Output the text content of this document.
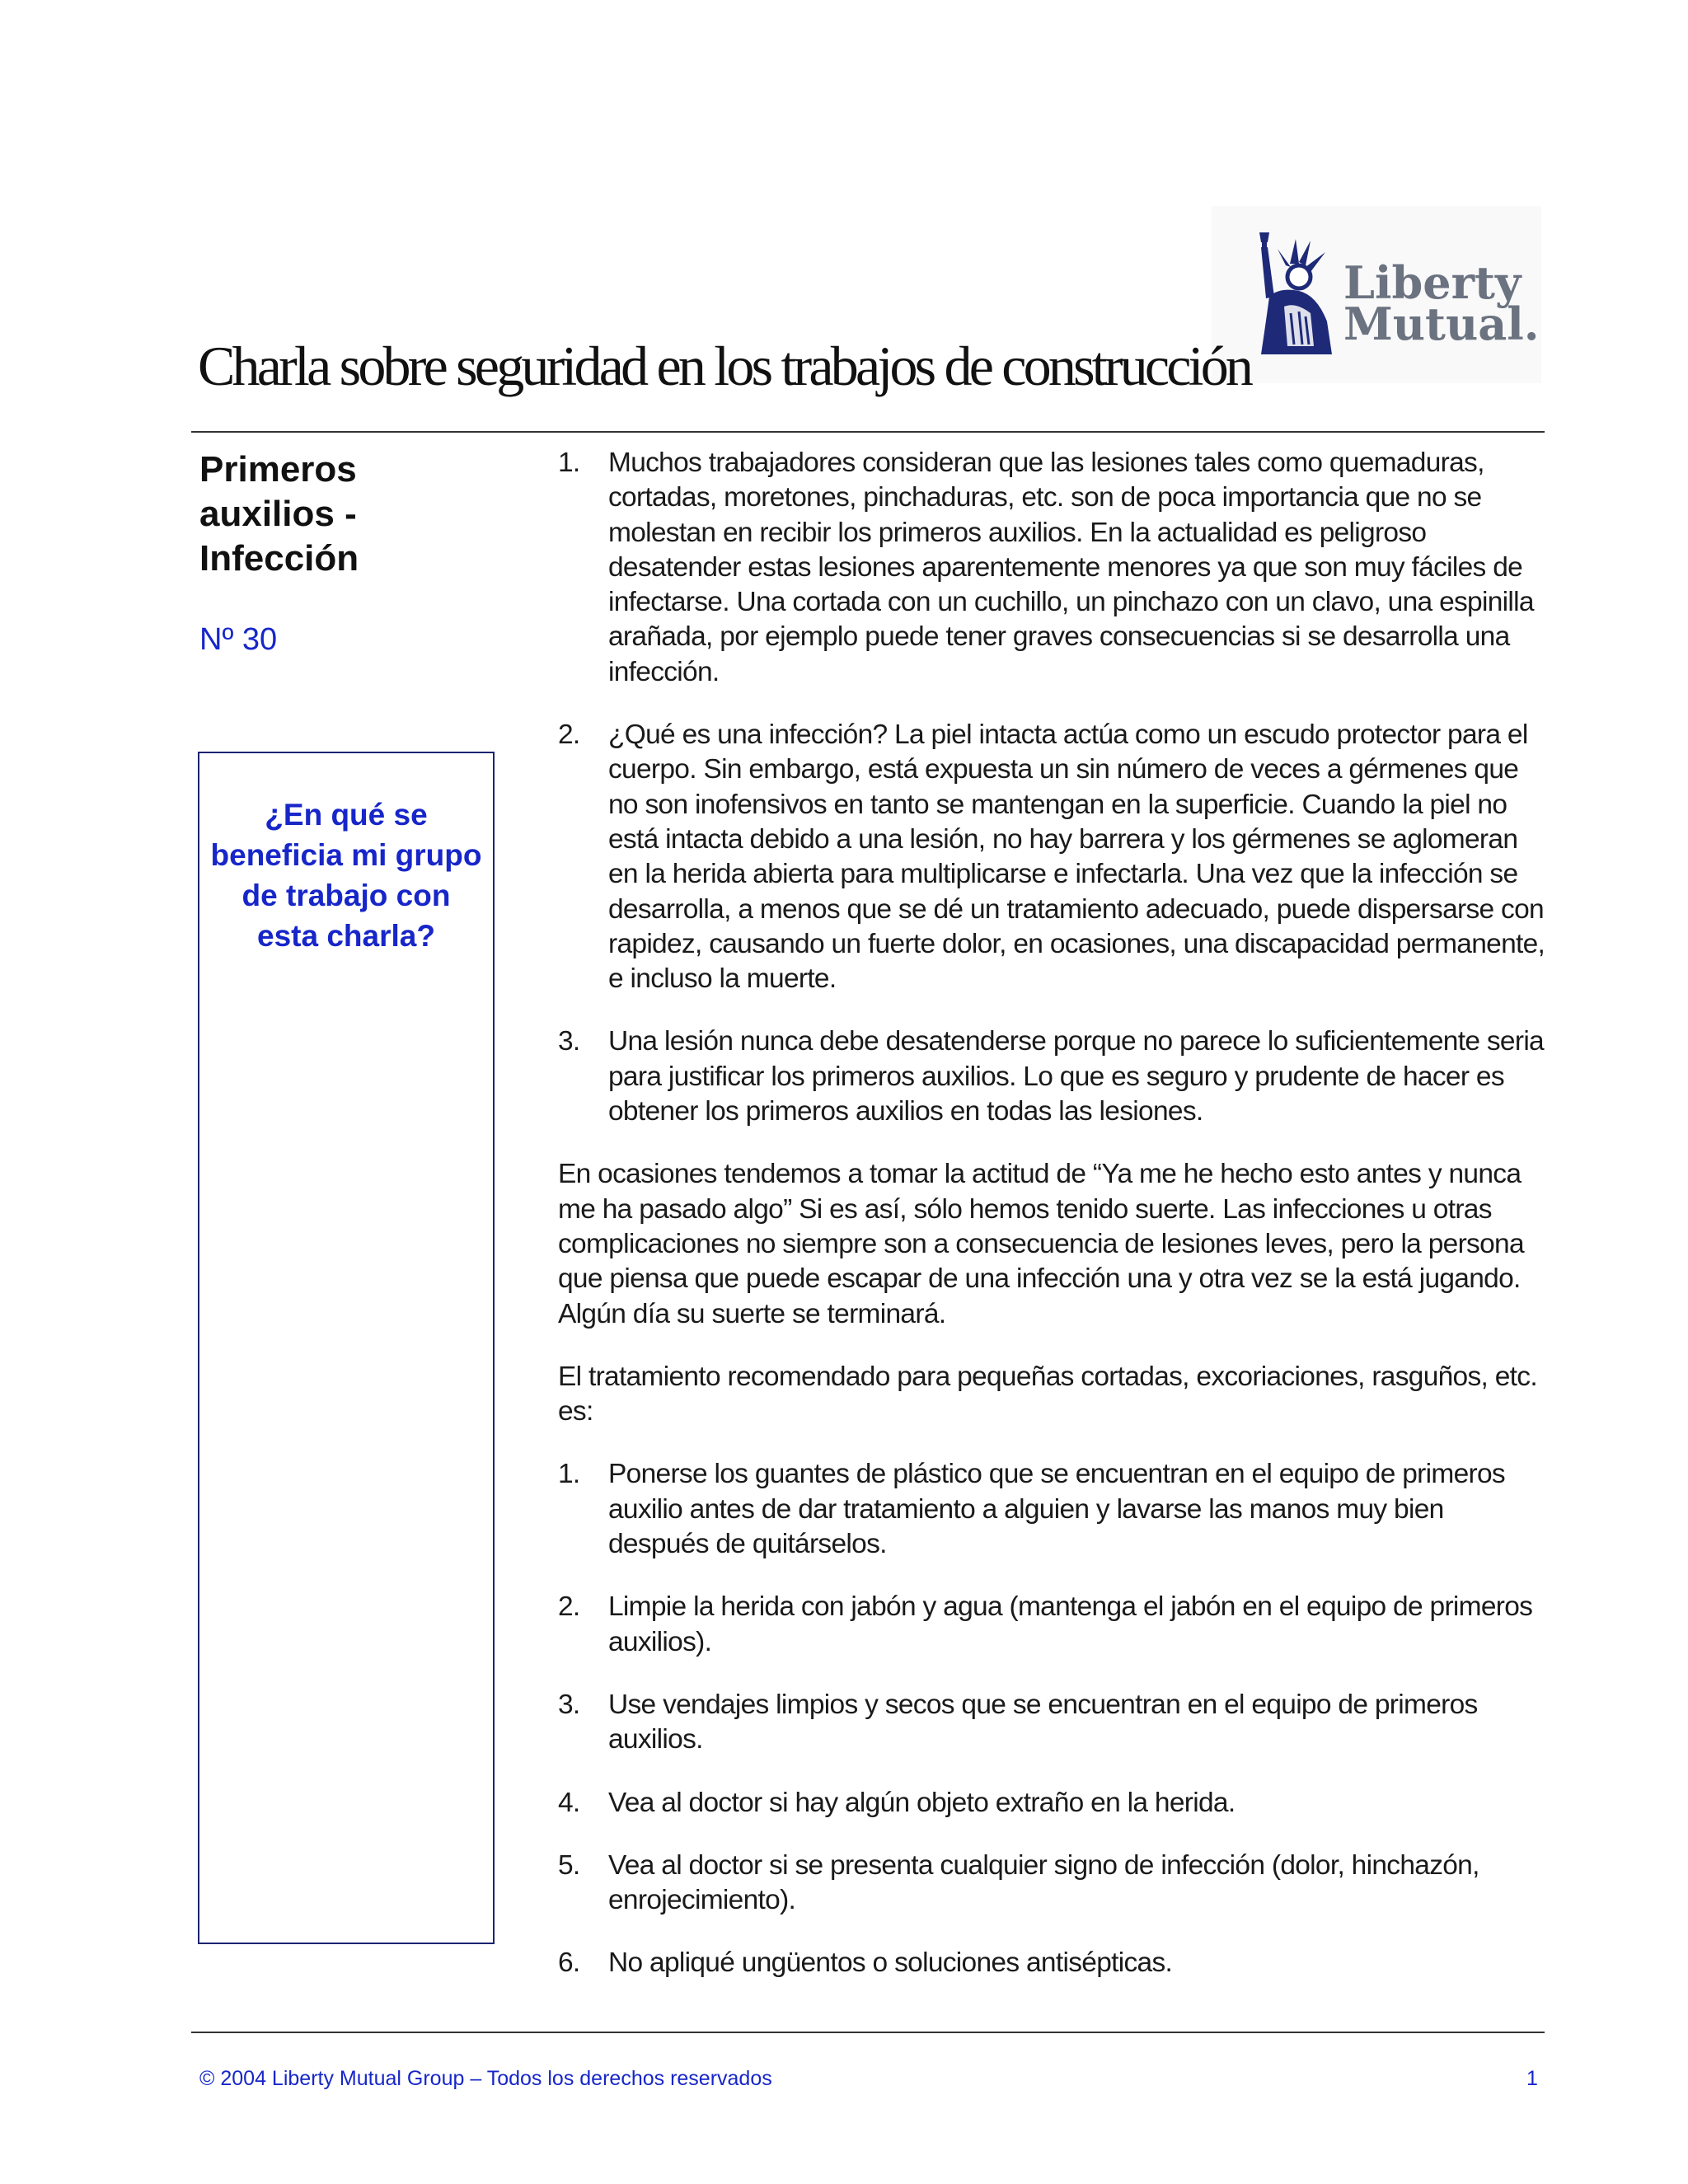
Liberty
Mutual.
Charla sobre seguridad en los trabajos de construcción
Primeros auxilios - Infección
Nº 30

¿En qué se beneficia mi grupo de trabajo con esta charla?

1.	Muchos trabajadores consideran que las lesiones tales como quemaduras, cortadas, moretones, pinchaduras, etc. son de poca importancia que no se molestan en recibir los primeros auxilios. En la actualidad es peligroso desatender estas lesiones aparentemente menores ya que son muy fáciles de infectarse. Una cortada con un cuchillo, un pinchazo con un clavo, una espinilla arañada, por ejemplo puede tener graves consecuencias si se desarrolla una infección.
2.	¿Qué es una infección? La piel intacta actúa como un escudo protector para el cuerpo. Sin embargo, está expuesta un sin número de veces a gérmenes que no son inofensivos en tanto se mantengan en la superficie. Cuando la piel no está intacta debido a una lesión, no hay barrera y los gérmenes se aglomeran en la herida abierta para multiplicarse e infectarla. Una vez que la infección se desarrolla, a menos que se dé un tratamiento adecuado, puede dispersarse con rapidez, causando un fuerte dolor, en ocasiones, una discapacidad permanente, e incluso la muerte.
3.	Una lesión nunca debe desatenderse porque no parece lo suficientemente seria para justificar los primeros auxilios. Lo que es seguro y prudente de hacer es obtener los primeros auxilios en todas las lesiones.

En ocasiones tendemos a tomar la actitud de “Ya me he hecho esto antes y nunca me ha pasado algo” Si es así, sólo hemos tenido suerte. Las infecciones u otras complicaciones no siempre son a consecuencia de lesiones leves, pero la persona que piensa que puede escapar de una infección una y otra vez se la está jugando. Algún día su suerte se terminará.

El tratamiento recomendado para pequeñas cortadas, excoriaciones, rasguños, etc. es:

1.	Ponerse los guantes de plástico que se encuentran en el equipo de primeros auxilio antes de dar tratamiento a alguien y lavarse las manos muy bien después de quitárselos.
2.	Limpie la herida con jabón y agua (mantenga el jabón en el equipo de primeros auxilios).
3.	Use vendajes limpios y secos que se encuentran en el equipo de primeros auxilios.
4.	Vea al doctor si hay algún objeto extraño en la herida.
5.	Vea al doctor si se presenta cualquier signo de infección (dolor, hinchazón, enrojecimiento).
6.	No apliqué ungüentos o soluciones antisépticas.
© 2004 Liberty Mutual Group – Todos los derechos reservados	1
